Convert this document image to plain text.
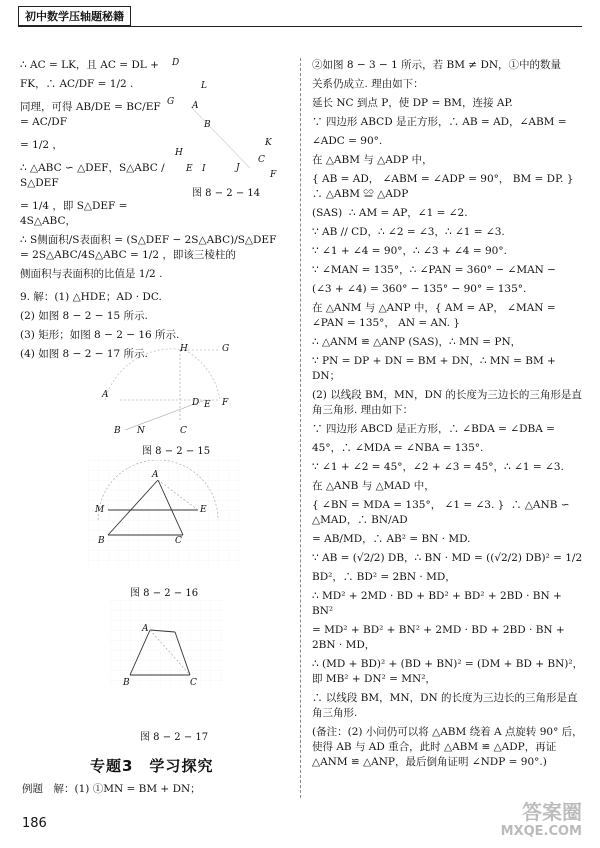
初中数学压轴题秘籍

∴ AC = LK，且 AC = DL +

FK，∴ AC/DF = 1/2 .

同理，可得 AB/DE = BC/EF = AC/DF

= 1/2 ，

∴ △ABC ∽ △DEF，S△ABC / S△DEF

= 1/4 ，即 S△DEF = 4S△ABC，

∴ S侧面积/S表面积 = (S△DEF − 2S△ABC)/S△DEF = 2S△ABC/4S△ABC = 1/2 ，即该三棱柱的

侧面积与表面积的比值是 1/2 .

9. 解：(1) △HDE；AD · DC.

(2) 如图 8 − 2 − 15 所示.

(3) 矩形；如图 8 − 2 − 16 所示.

(4) 如图 8 − 2 − 17 所示.

D
L
G A
B
K
H
C
E I	J
F
图 8 − 2 − 14
H	G
A
D E F
B N	C
图 8 − 2 − 15
A
M	E
B	C
图 8 − 2 − 16
A
B	C
图 8 − 2 − 17
专题3　学习探究
例题　解：(1) ①MN = BM + DN；

②如图 8 − 3 − 1 所示，若 BM ≠ DN，①中的数量

关系仍成立. 理由如下：

延长 NC 到点 P，使 DP = BM，连接 AP.

∵ 四边形 ABCD 是正方形，∴ AB = AD，∠ABM =

∠ADC = 90°.

在 △ABM 与 △ADP 中，

{ AB = AD， ∠ABM = ∠ADP = 90°， BM = DP. }  ∴ △ABM ≌ △ADP

(SAS)  ∴ AM = AP，∠1 = ∠2.

∵ AB // CD，∴ ∠2 = ∠3，∴ ∠1 = ∠3.

∵ ∠1 + ∠4 = 90°，∴ ∠3 + ∠4 = 90°.

∵ ∠MAN = 135°，∴ ∠PAN = 360° − ∠MAN −

(∠3 + ∠4) = 360° − 135° − 90° = 135°.

在 △ANM 与 △ANP 中，{ AM = AP， ∠MAN = ∠PAN = 135°， AN = AN. }

∴ △ANM ≌ △ANP (SAS)，∴ MN = PN，

∵ PN = DP + DN = BM + DN，∴ MN = BM + DN；

(2) 以线段 BM，MN，DN 的长度为三边长的三角形是直角三角形. 理由如下：

∵ 四边形 ABCD 是正方形，∴ ∠BDA = ∠DBA =

45°，∴ ∠MDA = ∠NBA = 135°.

∵ ∠1 + ∠2 = 45°，∠2 + ∠3 = 45°，∴ ∠1 = ∠3.

在 △ANB 与 △MAD 中，

{ ∠BN = MDA = 135°， ∠1 = ∠3. }  ∴ △ANB ∽ △MAD，∴ BN/AD

= AB/MD，∴ AB² = BN · MD.

∵ AB = (√2/2) DB，∴ BN · MD = ((√2/2) DB)² = 1/2

BD²，∴ BD² = 2BN · MD，

∴ MD² + 2MD · BD + BD² + BD² + 2BD · BN + BN²

= MD² + BD² + BN² + 2MD · BD + 2BD · BN + 2BN · MD，

∴ (MD + BD)² + (BD + BN)² = (DM + BD + BN)²，即 MB² + DN² = MN²，

∴ 以线段 BM，MN，DN 的长度为三边长的三角形是直角三角形.

(备注：(2) 小问仍可以将 △ABM 绕着 A 点旋转 90° 后，使得 AB 与 AD 重合，此时 △ABM ≌ △ADP，再证 △ANM ≌ △ANP，最后倒角证明 ∠NDP = 90°.)

186	答案圈
MXQE.COM
